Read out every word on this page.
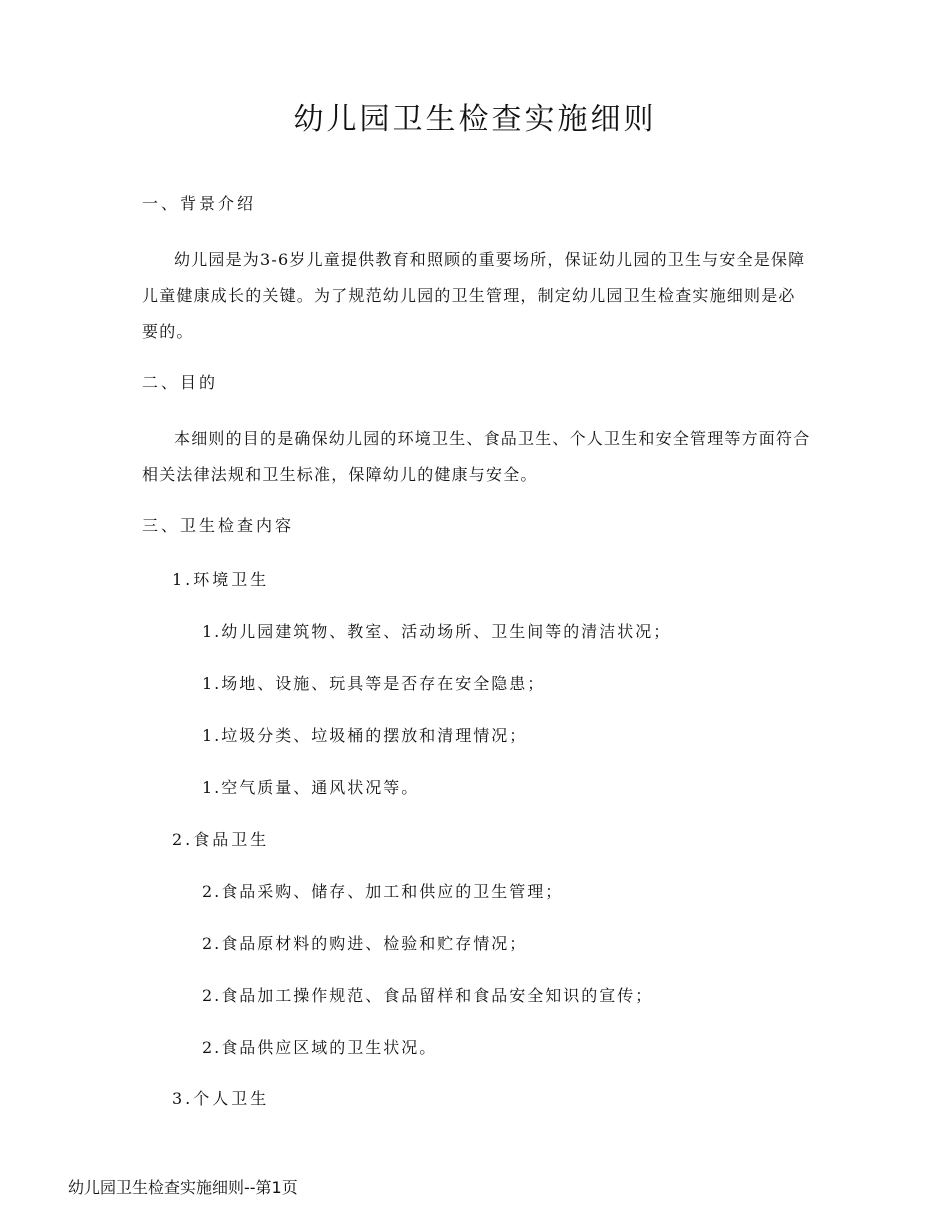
幼儿园卫生检查实施细则
一、背景介绍
幼儿园是为3-6岁儿童提供教育和照顾的重要场所，保证幼儿园的卫生与安全是保障儿童健康成长的关键。为了规范幼儿园的卫生管理，制定幼儿园卫生检查实施细则是必要的。
二、目的
本细则的目的是确保幼儿园的环境卫生、食品卫生、个人卫生和安全管理等方面符合相关法律法规和卫生标准，保障幼儿的健康与安全。
三、卫生检查内容
1.环境卫生
1.幼儿园建筑物、教室、活动场所、卫生间等的清洁状况；
1.场地、设施、玩具等是否存在安全隐患；
1.垃圾分类、垃圾桶的摆放和清理情况；
1.空气质量、通风状况等。
2.食品卫生
2.食品采购、储存、加工和供应的卫生管理；
2.食品原材料的购进、检验和贮存情况；
2.食品加工操作规范、食品留样和食品安全知识的宣传；
2.食品供应区域的卫生状况。
3.个人卫生
幼儿园卫生检查实施细则--第1页
